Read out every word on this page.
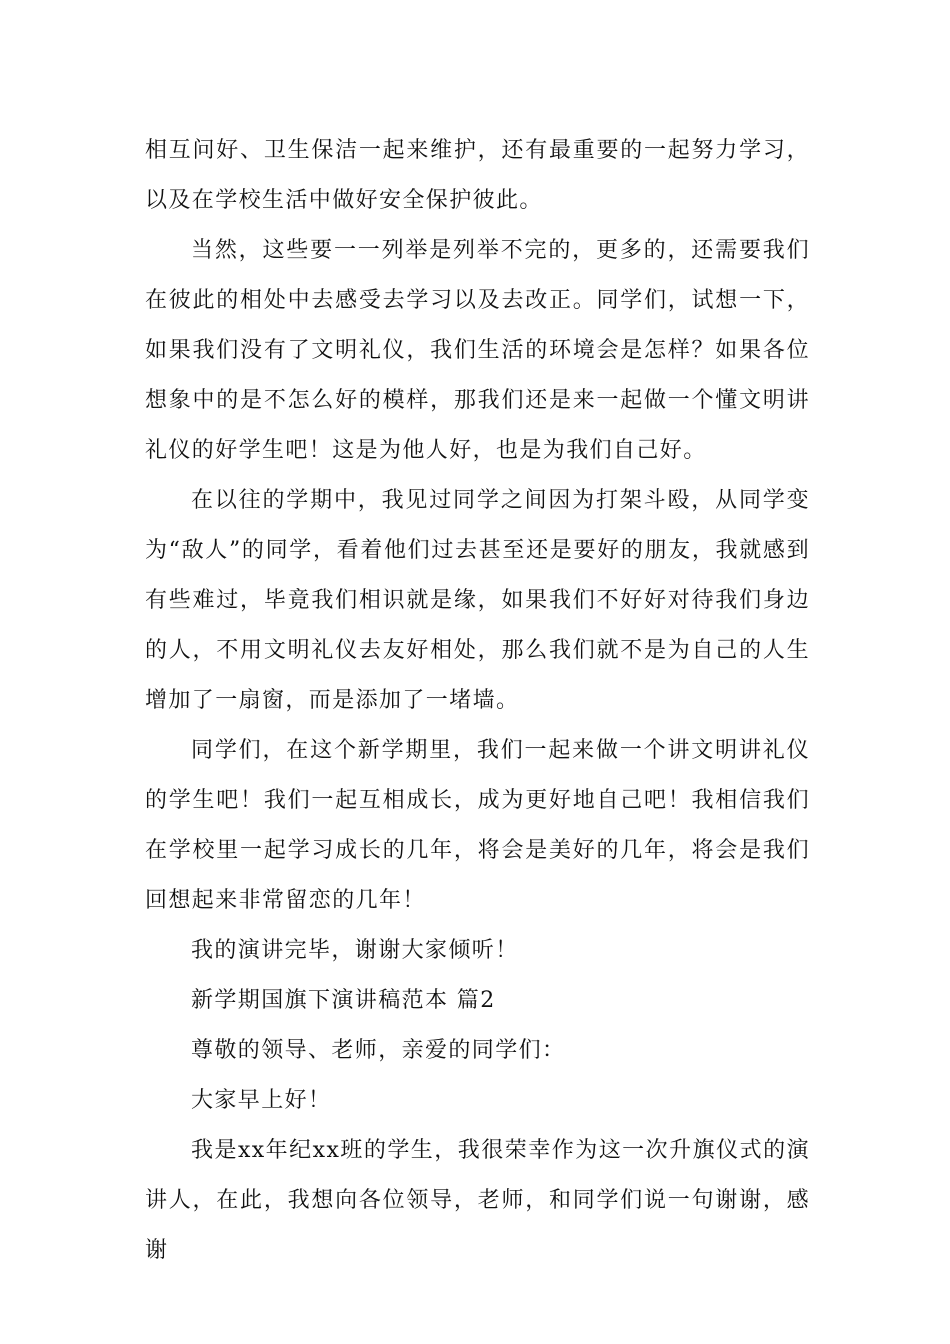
相互问好、卫生保洁一起来维护，还有最重要的一起努力学习，以及在学校生活中做好安全保护彼此。

当然，这些要一一列举是列举不完的，更多的，还需要我们在彼此的相处中去感受去学习以及去改正。同学们，试想一下，如果我们没有了文明礼仪，我们生活的环境会是怎样？如果各位想象中的是不怎么好的模样，那我们还是来一起做一个懂文明讲礼仪的好学生吧！这是为他人好，也是为我们自己好。

在以往的学期中，我见过同学之间因为打架斗殴，从同学变为“敌人”的同学，看着他们过去甚至还是要好的朋友，我就感到有些难过，毕竟我们相识就是缘，如果我们不好好对待我们身边的人，不用文明礼仪去友好相处，那么我们就不是为自己的人生增加了一扇窗，而是添加了一堵墙。

同学们，在这个新学期里，我们一起来做一个讲文明讲礼仪的学生吧！我们一起互相成长，成为更好地自己吧！我相信我们在学校里一起学习成长的几年，将会是美好的几年，将会是我们回想起来非常留恋的几年！

我的演讲完毕，谢谢大家倾听！

新学期国旗下演讲稿范本 篇2

尊敬的领导、老师，亲爱的同学们：

大家早上好！

我是xx年纪xx班的学生，我很荣幸作为这一次升旗仪式的演讲人，在此，我想向各位领导，老师，和同学们说一句谢谢，感谢
